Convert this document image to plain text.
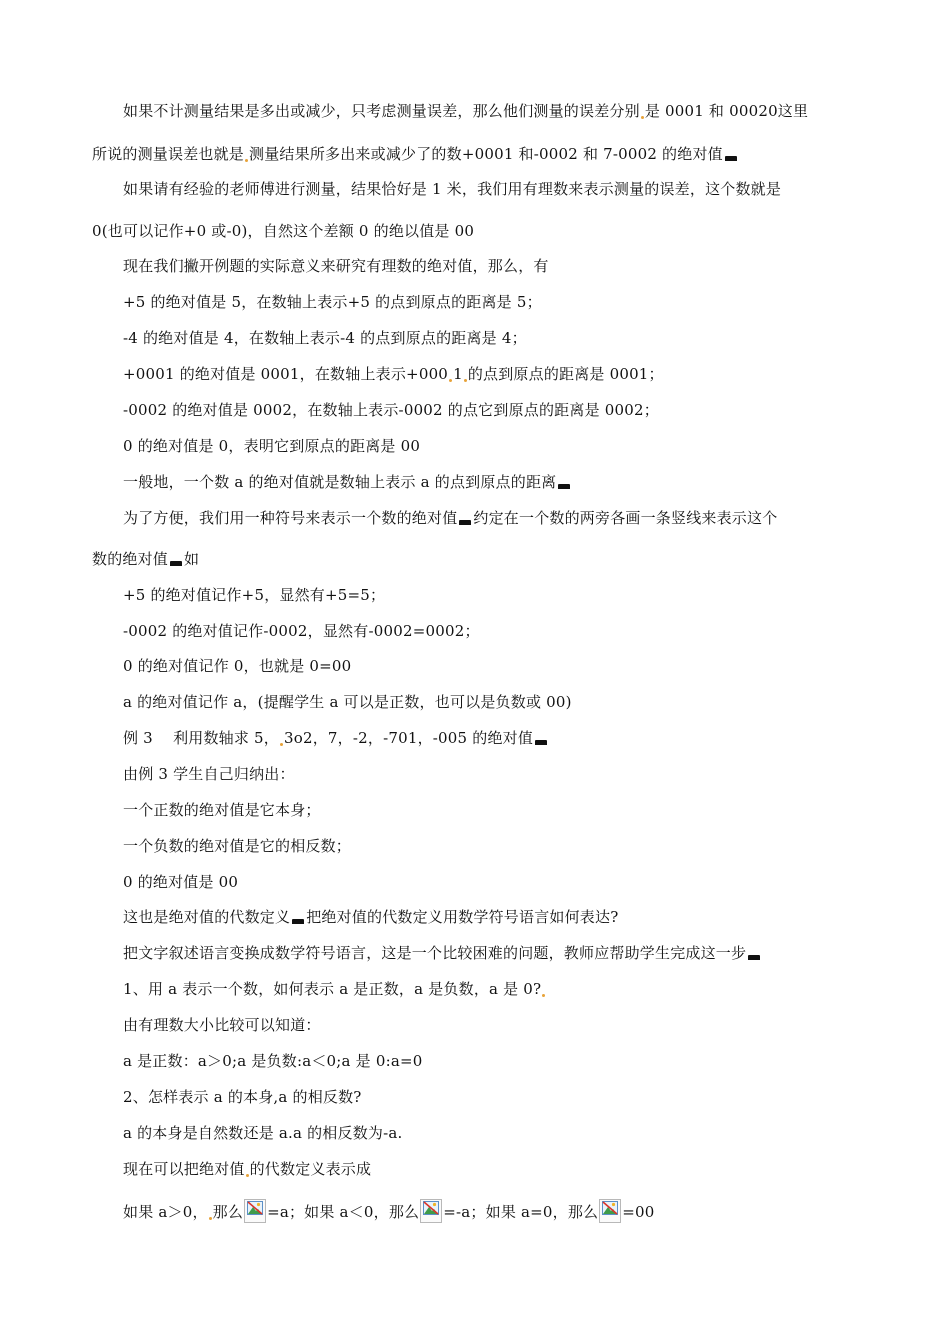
如果不计测量结果是多出或减少，只考虑测量误差，那么他们测量的误差分别 是 0001 和 00020这里
所说的测量误差也就是 测量结果所多出来或减少了的数+0001 和-0002 和 7-0002 的绝对值
如果请有经验的老师傅进行测量，结果恰好是 1 米，我们用有理数来表示测量的误差，这个数就是
0(也可以记作+0 或-0)，自然这个差额 0 的绝以值是 00
现在我们撇开例题的实际意义来研究有理数的绝对值，那么，有
+5 的绝对值是 5，在数轴上表示+5 的点到原点的距离是 5；
-4 的绝对值是 4，在数轴上表示-4 的点到原点的距离是 4；
+0001 的绝对值是 0001，在数轴上表示+000 1 的点到原点的距离是 0001；
-0002 的绝对值是 0002，在数轴上表示-0002 的点它到原点的距离是 0002；
0 的绝对值是 0，表明它到原点的距离是 00
一般地，一个数 a 的绝对值就是数轴上表示 a 的点到原点的距离
为了方便，我们用一种符号来表示一个数的绝对值 约定在一个数的两旁各画一条竖线来表示这个
数的绝对值 如
+5 的绝对值记作+5，显然有+5=5；
-0002 的绝对值记作-0002，显然有-0002=0002；
0 的绝对值记作 0，也就是 0=00
a 的绝对值记作 a，(提醒学生 a 可以是正数，也可以是负数或 00)
例 3　 利用数轴求 5， 3o2，7，-2，-701，-005 的绝对值
由例 3 学生自己归纳出：
一个正数的绝对值是它本身；
一个负数的绝对值是它的相反数；
0 的绝对值是 00
这也是绝对值的代数定义 把绝对值的代数定义用数学符号语言如何表达?
把文字叙述语言变换成数学符号语言，这是一个比较困难的问题，教师应帮助学生完成这一步
1、用 a 表示一个数，如何表示 a 是正数，a 是负数，a 是 0?
由有理数大小比较可以知道：
a 是正数：a＞0;a 是负数:a＜0;a 是 0:a=0
2、怎样表示 a 的本身,a 的相反数?
a 的本身是自然数还是 a.a 的相反数为-a.
现在可以把绝对值 的代数定义表示成
如果 a＞0， 那么 =a；如果 a＜0，那么 =-a；如果 a=0，那么 =00
